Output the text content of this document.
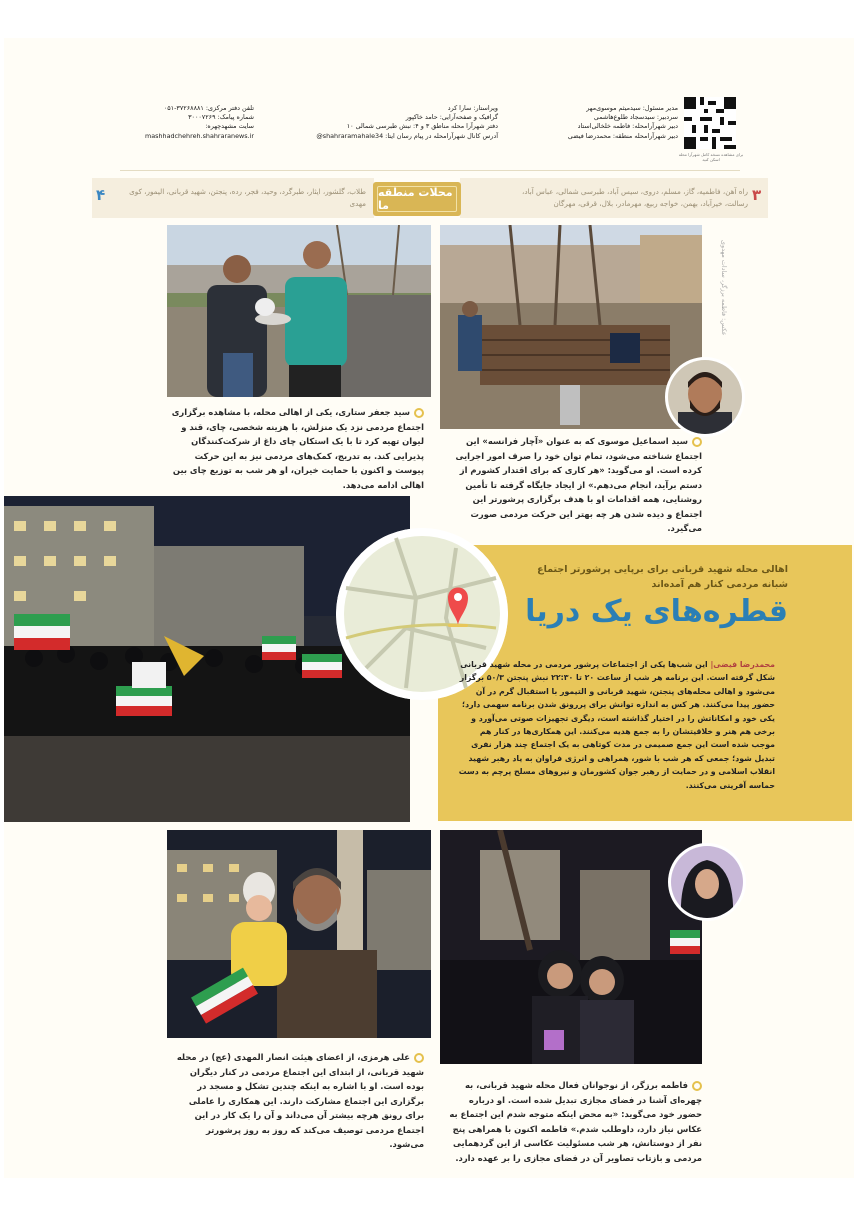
برای مشاهده نسخه کامل شهرآرا محله اسکن کنید
مدیر مسئول: سیدمیثم موسوی‌مهر
سردبیر: سیدسجاد طلوع‌هاشمی
دبیر شهرآرامحله: فاطمه خلخالی‌استاد
دبیر شهرآرامحله منطقه: محمدرضا فیضی
ویراستار: سارا کرد
گرافیک و صفحه‌آرایی: حامد خاکپور
دفتر شهرآرا محله مناطق ۳ و ۴: نبش طبرسی شمالی ۱۰
آدرس کانال شهرآرامحله در پیام رسان ایتا: shahraramahale34@
تلفن دفتر مرکزی: ۳۷۲۶۸۸۸۱-۰۵۱
شماره پیامک: ۳۰۰۰۷۲۶۹
سایت مشهدچهره:
mashhadchehreh.shahraranews.ir
۳
راه آهن، فاطمیه، گاز، مسلم، دروی، سیس آباد، طبرسی شمالی، عباس آباد، رسالت، خیرآباد، بهمن، خواجه ربیع، مهرمادر، بلال، قرقی، مهرگان
محلات منطقه ما
۴	طلاب، گلشور، ایثار، طبرگرد، وحید، فجر، رده، پنجتن، شهید قربانی، الیمور، کوی مهدی
عکس: فاطمه برزگر، سادات مهدوی
سید جعفر ستاری، یکی از اهالی محله، با مشاهده برگزاری اجتماع مردمی نزد یک منزلش، با هزینه شخصی، چای، قند و لیوان تهیه کرد تا با یک استکان چای داغ از شرکت‌کنندگان پذیرایی کند. به تدریج، کمک‌های مردمی نیز به این حرکت پیوست و اکنون با حمایت خیران، او هر شب به توزیع چای بین اهالی ادامه می‌دهد.
سید اسماعیل موسوی که به عنوان «آچار فرانسه» این اجتماع شناخته می‌شود، تمام توان خود را صرف امور اجرایی کرده است. او می‌گوید: «هر کاری که برای اقتدار کشورم از دستم برآید، انجام می‌دهم.» از ایجاد جایگاه گرفته تا تأمین روشنایی، همه اقدامات او با هدف برگزاری پرشورتر این اجتماع و دیده شدن هر چه بهتر این حرکت مردمی صورت می‌گیرد.
اهالی محله شهید قربانی برای برپایی پرشورتر اجتماع شبانه مردمی کنار هم آمده‌اند
قطره‌های یک دریا
محمدرضا فیضی| این شب‌ها یکی از اجتماعات پرشور مردمی در محله شهید قربانی شکل گرفته است. این برنامه هر شب از ساعت ۲۰ تا ۲۲:۳۰ نبش پنجتن ۵۰/۳ برگزار می‌شود و اهالی محله‌های پنجتن، شهید قربانی و التیمور با استقبال گرم در آن حضور پیدا می‌کنند. هر کس به اندازه توانش برای پررونق شدن برنامه سهمی دارد؛ یکی خود و امکاناتش را در اختیار گذاشته است، دیگری تجهیزات صوتی می‌آورد و برخی هم هنر و خلاقیتشان را به جمع هدیه می‌کنند. این همکاری‌ها در کنار هم موجب شده است این جمع صمیمی در مدت کوتاهی به یک اجتماع چند هزار نفری تبدیل شود؛ جمعی که هر شب با شور، همراهی و انرژی فراوان به یاد رهبر شهید انقلاب اسلامی و در حمایت از رهبر جوان کشورمان و نیروهای مسلح پرچم به دست حماسه آفرینی می‌کنند.
علی هرمزی، از اعضای هیئت انصار المهدی (عج) در محله شهید قربانی، از ابتدای این اجتماع مردمی در کنار دیگران بوده است. او با اشاره به اینکه چندین تشکل و مسجد در برگزاری این اجتماع مشارکت دارند. این همکاری را عاملی برای رونق هرچه بیشتر آن می‌داند و آن را یک کار در این اجتماع مردمی توصیف می‌کند که روز به روز پرشورتر می‌شود.
فاطمه برزگر، از نوجوانان فعال محله شهید قربانی، به چهره‌ای آشنا در فضای مجازی تبدیل شده است. او درباره حضور خود می‌گوید: «به محض اینکه متوجه شدم این اجتماع به عکاس نیاز دارد، داوطلب شدم.» فاطمه اکنون با همراهی پنج نفر از دوستانش، هر شب مسئولیت عکاسی از این گردهمایی مردمی و بازتاب تصاویر آن در فضای مجازی را بر عهده دارد.
